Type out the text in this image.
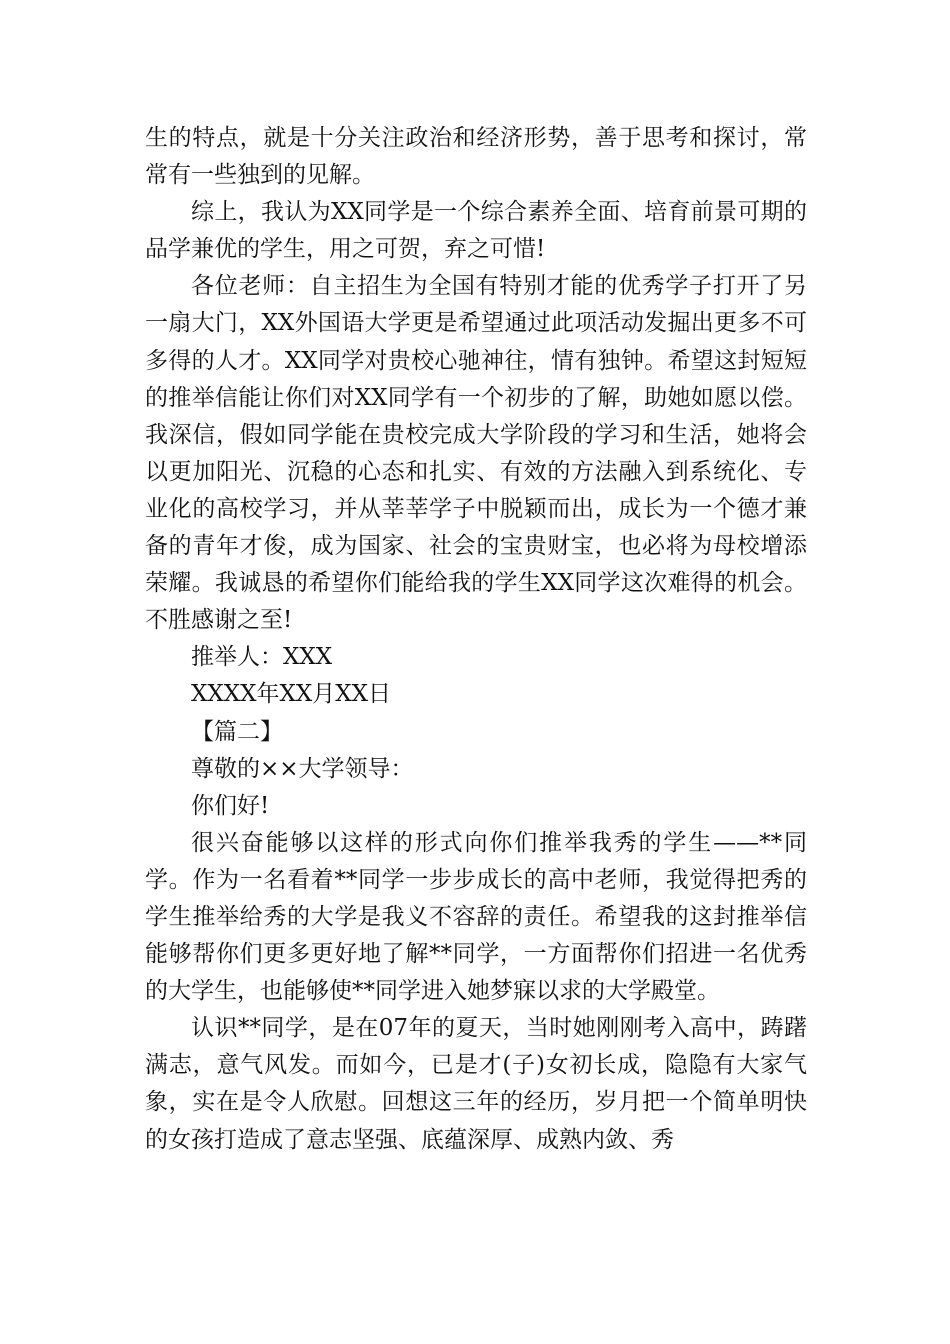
生的特点，就是十分关注政治和经济形势，善于思考和探讨，常常有一些独到的见解。

综上，我认为XX同学是一个综合素养全面、培育前景可期的品学兼优的学生，用之可贺，弃之可惜!

各位老师：自主招生为全国有特别才能的优秀学子打开了另一扇大门，XX外国语大学更是希望通过此项活动发掘出更多不可多得的人才。XX同学对贵校心驰神往，情有独钟。希望这封短短的推举信能让你们对XX同学有一个初步的了解，助她如愿以偿。我深信，假如同学能在贵校完成大学阶段的学习和生活，她将会以更加阳光、沉稳的心态和扎实、有效的方法融入到系统化、专业化的高校学习，并从莘莘学子中脱颖而出，成长为一个德才兼备的青年才俊，成为国家、社会的宝贵财宝，也必将为母校增添荣耀。我诚恳的希望你们能给我的学生XX同学这次难得的机会。不胜感谢之至!

推举人：XXX

XXXX年XX月XX日

【篇二】

尊敬的××大学领导：

你们好!

很兴奋能够以这样的形式向你们推举我秀的学生——**同学。作为一名看着**同学一步步成长的高中老师，我觉得把秀的学生推举给秀的大学是我义不容辞的责任。希望我的这封推举信能够帮你们更多更好地了解**同学，一方面帮你们招进一名优秀的大学生，也能够使**同学进入她梦寐以求的大学殿堂。

认识**同学，是在07年的夏天，当时她刚刚考入高中，踌躇满志，意气风发。而如今，已是才(子)女初长成，隐隐有大家气象，实在是令人欣慰。回想这三年的经历，岁月把一个简单明快的女孩打造成了意志坚强、底蕴深厚、成熟内敛、秀
